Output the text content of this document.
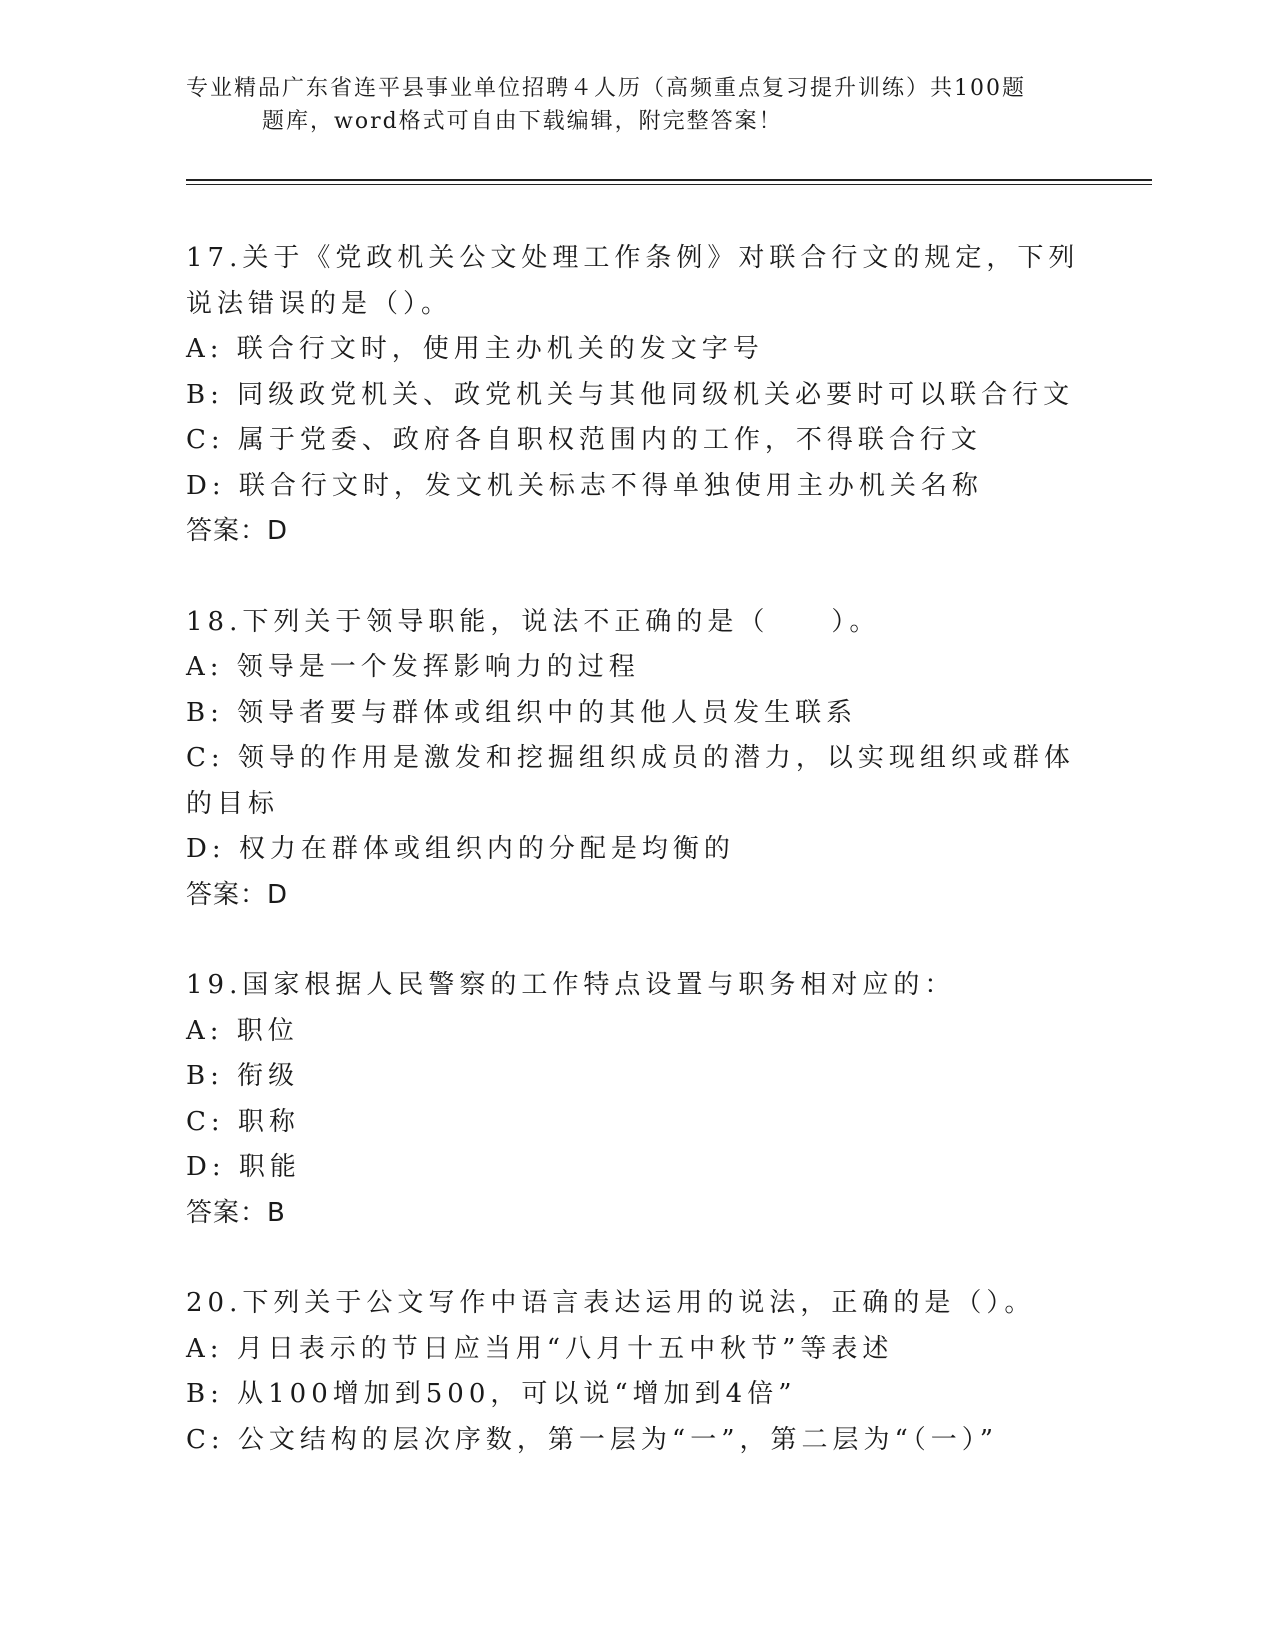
专业精品广东省连平县事业单位招聘４人历（高频重点复习提升训练）共100题
题库，word格式可自由下载编辑，附完整答案！

17.关于《党政机关公文处理工作条例》对联合行文的规定，下列说法错误的是（）。

A: 联合行文时，使用主办机关的发文字号

B: 同级政党机关、政党机关与其他同级机关必要时可以联合行文

C: 属于党委、政府各自职权范围内的工作，不得联合行文

D: 联合行文时，发文机关标志不得单独使用主办机关名称

答案：D

18.下列关于领导职能，说法不正确的是（　　）。

A: 领导是一个发挥影响力的过程

B: 领导者要与群体或组织中的其他人员发生联系

C: 领导的作用是激发和挖掘组织成员的潜力，以实现组织或群体的目标

D: 权力在群体或组织内的分配是均衡的

答案：D

19.国家根据人民警察的工作特点设置与职务相对应的：

A: 职位

B: 衔级

C: 职称

D: 职能

答案：B

20.下列关于公文写作中语言表达运用的说法，正确的是（）。

A: 月日表示的节日应当用“八月十五中秋节”等表述

B: 从100增加到500，可以说“增加到4倍”

C: 公文结构的层次序数，第一层为“一”，第二层为“（一）”
